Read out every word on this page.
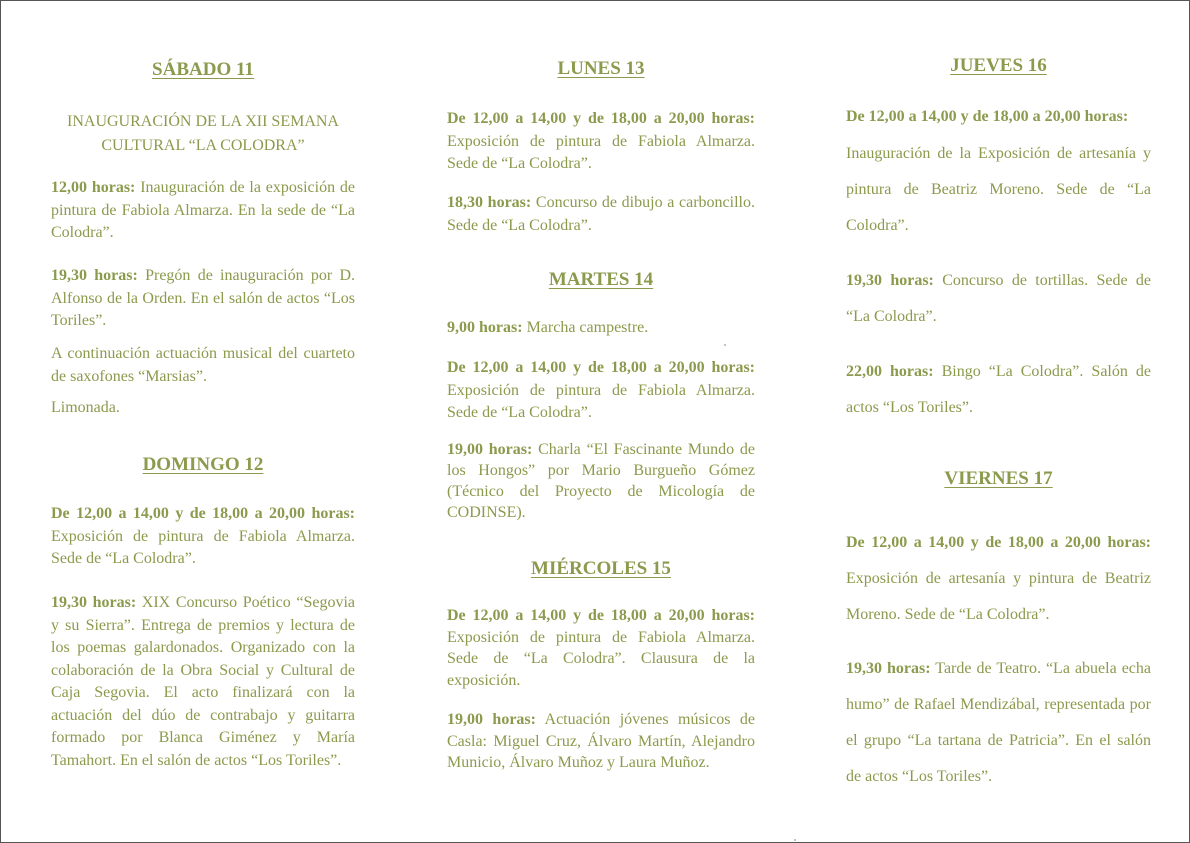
SÁBADO 11
INAUGURACIÓN DE LA XII SEMANA
CULTURAL “LA COLODRA”
12,00 horas: Inauguración de la exposición de pintura de Fabiola Almarza. En la sede de “La Colodra”.
19,30 horas: Pregón de inauguración por D. Alfonso de la Orden. En el salón de actos “Los Toriles”.
A continuación actuación musical del cuarteto de saxofones “Marsias”.
Limonada.
DOMINGO 12
De 12,00 a 14,00 y de 18,00 a 20,00 horas: Exposición de pintura de Fabiola Almarza. Sede de “La Colodra”.
19,30 horas: XIX Concurso Poético “Segovia y su Sierra”. Entrega de premios y lectura de los poemas galardonados. Organizado con la colaboración de la Obra Social y Cultural de Caja Segovia. El acto finalizará con la actuación del dúo de contrabajo y guitarra formado por Blanca Giménez y María Tamahort. En el salón de actos “Los Toriles”.
LUNES 13
De 12,00 a 14,00 y de 18,00 a 20,00 horas: Exposición de pintura de Fabiola Almarza. Sede de “La Colodra”.
18,30 horas: Concurso de dibujo a carboncillo. Sede de “La Colodra”.
MARTES 14
9,00 horas: Marcha campestre.
De 12,00 a 14,00 y de 18,00 a 20,00 horas: Exposición de pintura de Fabiola Almarza. Sede de “La Colodra”.
19,00 horas: Charla “El Fascinante Mundo de los Hongos” por Mario Burgueño Gómez (Técnico del Proyecto de Micología de CODINSE).
MIÉRCOLES 15
De 12,00 a 14,00 y de 18,00 a 20,00 horas: Exposición de pintura de Fabiola Almarza. Sede de “La Colodra”. Clausura de la exposición.
19,00 horas: Actuación jóvenes músicos de Casla: Miguel Cruz, Álvaro Martín, Alejandro Municio, Álvaro Muñoz y Laura Muñoz.
JUEVES 16
De 12,00 a 14,00 y de 18,00 a 20,00 horas:
Inauguración de la Exposición de artesanía y pintura de Beatriz Moreno. Sede de “La Colodra”.
19,30 horas: Concurso de tortillas. Sede de “La Colodra”.
22,00 horas: Bingo “La Colodra”. Salón de actos “Los Toriles”.
VIERNES 17
De 12,00 a 14,00 y de 18,00 a 20,00 horas: Exposición de artesanía y pintura de Beatriz Moreno. Sede de “La Colodra”.
19,30 horas: Tarde de Teatro. “La abuela echa humo” de Rafael Mendizábal, representada por el grupo “La tartana de Patricia”. En el salón de actos “Los Toriles”.
